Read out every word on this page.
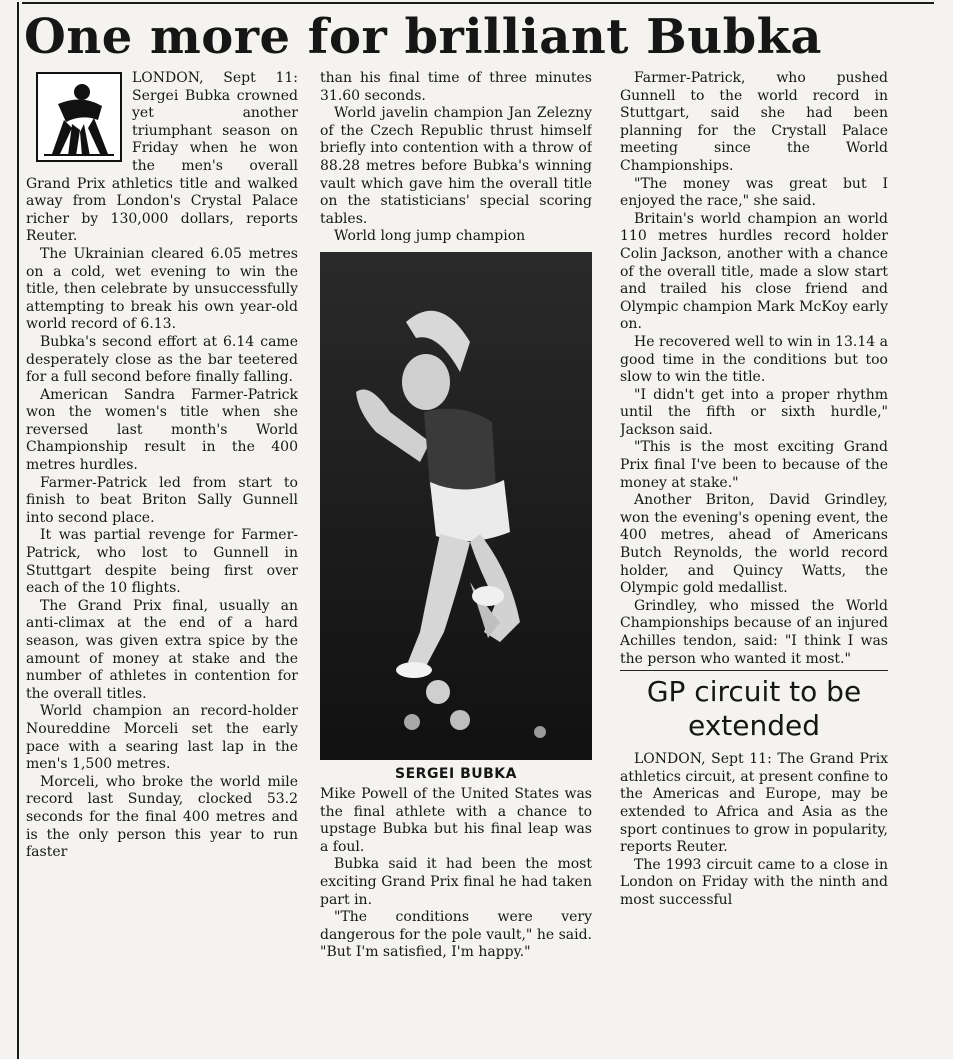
One more for brilliant Bubka

LONDON, Sept 11: Sergei Bubka crowned yet another triumphant season on Friday when he won the men's overall Grand Prix athletics title and walked away from London's Crystal Palace richer by 130,000 dollars, reports Reuter.

The Ukrainian cleared 6.05 metres on a cold, wet evening to win the title, then celebrate by unsuccessfully attempting to break his own year-old world record of 6.13.

Bubka's second effort at 6.14 came desperately close as the bar teetered for a full second before finally falling.

American Sandra Farmer-Patrick won the women's title when she reversed last month's World Championship result in the 400 metres hurdles.

Farmer-Patrick led from start to finish to beat Briton Sally Gunnell into second place.

It was partial revenge for Farmer-Patrick, who lost to Gunnell in Stuttgart despite being first over each of the 10 flights.

The Grand Prix final, usually an anti-climax at the end of a hard season, was given extra spice by the amount of money at stake and the number of athletes in contention for the overall titles.

World champion an record-holder Noureddine Morceli set the early pace with a searing last lap in the men's 1,500 metres.

Morceli, who broke the world mile record last Sunday, clocked 53.2 seconds for the final 400 metres and is the only person this year to run faster

than his final time of three minutes 31.60 seconds.

World javelin champion Jan Zelezny of the Czech Republic thrust himself briefly into contention with a throw of 88.28 metres before Bubka's winning vault which gave him the overall title on the statisticians' special scoring tables.

World long jump champion

SERGEI BUBKA

Mike Powell of the United States was the final athlete with a chance to upstage Bubka but his final leap was a foul.

Bubka said it had been the most exciting Grand Prix final he had taken part in.

"The conditions were very dangerous for the pole vault," he said. "But I'm satisfied, I'm happy."

Farmer-Patrick, who pushed Gunnell to the world record in Stuttgart, said she had been planning for the Crystall Palace meeting since the World Championships.

"The money was great but I enjoyed the race," she said.

Britain's world champion an world 110 metres hurdles record holder Colin Jackson, another with a chance of the overall title, made a slow start and trailed his close friend and Olympic champion Mark McKoy early on.

He recovered well to win in 13.14 a good time in the conditions but too slow to win the title.

"I didn't get into a proper rhythm until the fifth or sixth hurdle," Jackson said.

"This is the most exciting Grand Prix final I've been to because of the money at stake."

Another Briton, David Grindley, won the evening's opening event, the 400 metres, ahead of Americans Butch Reynolds, the world record holder, and Quincy Watts, the Olympic gold medallist.

Grindley, who missed the World Championships because of an injured Achilles tendon, said: "I think I was the person who wanted it most."

GP circuit to be extended

LONDON, Sept 11: The Grand Prix athletics circuit, at present confine to the Americas and Europe, may be extended to Africa and Asia as the sport continues to grow in popularity, reports Reuter.

The 1993 circuit came to a close in London on Friday with the ninth and most successful
